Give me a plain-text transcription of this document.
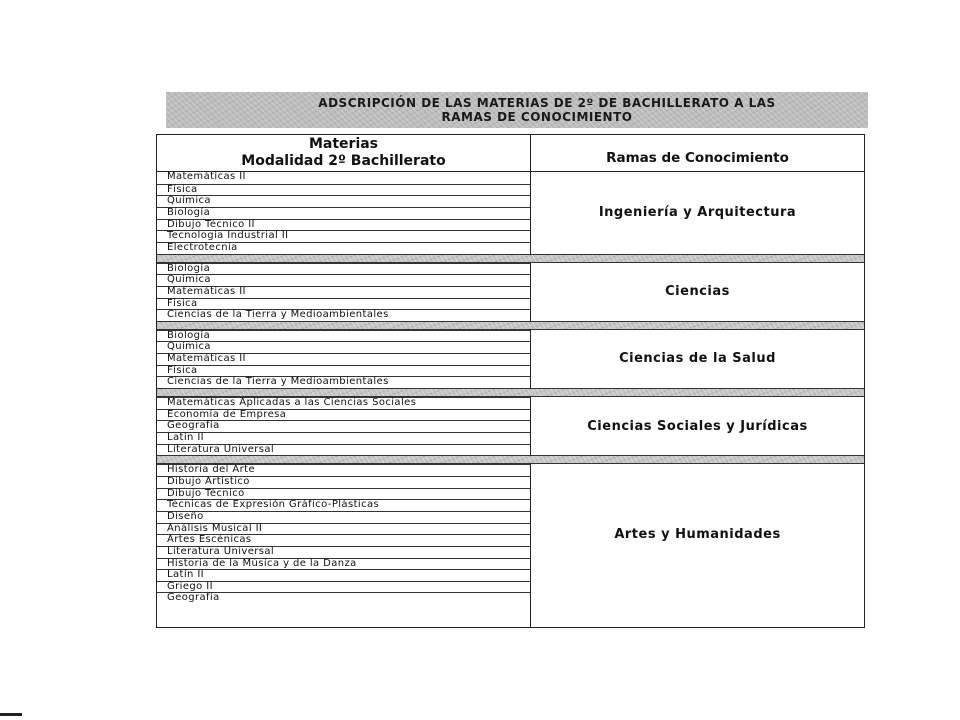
ADSCRIPCIÓN DE LAS MATERIAS DE 2º DE BACHILLERATO A LAS
RAMAS DE CONOCIMIENTO
Materias
Modalidad 2º Bachillerato	Ramas de Conocimiento
Matemáticas II
Física
Química
Biología
Dibujo Técnico II
Tecnología Industrial II
Electrotecnia
Ingeniería y Arquitectura
Biología
Química
Matemáticas II
Física
Ciencias de la Tierra y Medioambientales
Ciencias
Biología
Química
Matemáticas II
Física
Ciencias de la Tierra y Medioambientales
Ciencias de la Salud
Matemáticas Aplicadas a las Ciencias Sociales
Economía de Empresa
Geografía
Latín II
Literatura Universal
Ciencias Sociales y Jurídicas
Historia del Arte
Dibujo Artístico
Dibujo Técnico
Técnicas de Expresión Gráfico-Plásticas
Diseño
Análisis Musical II
Artes Escénicas
Literatura Universal
Historia de la Música y de la Danza
Latín II
Griego II
Geografía
Artes y Humanidades
